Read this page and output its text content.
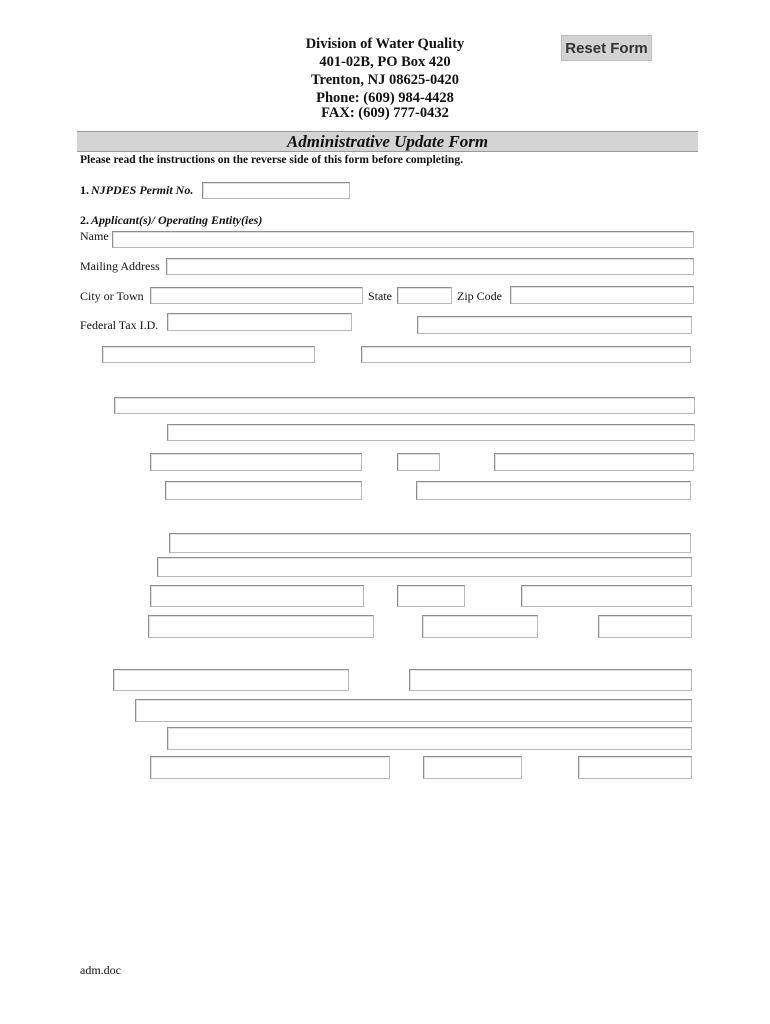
Division of Water Quality
401-02B, PO Box 420
Trenton, NJ 08625-0420
Phone: (609) 984-4428
FAX: (609) 777-0432
Reset Form
Administrative Update Form
Please read the instructions on the reverse side of this form before completing.
1. NJPDES Permit No.
2. Applicant(s)/ Operating Entity(ies)
Name
Mailing Address
City or Town	State	Zip Code
Federal Tax I.D.
adm.doc
